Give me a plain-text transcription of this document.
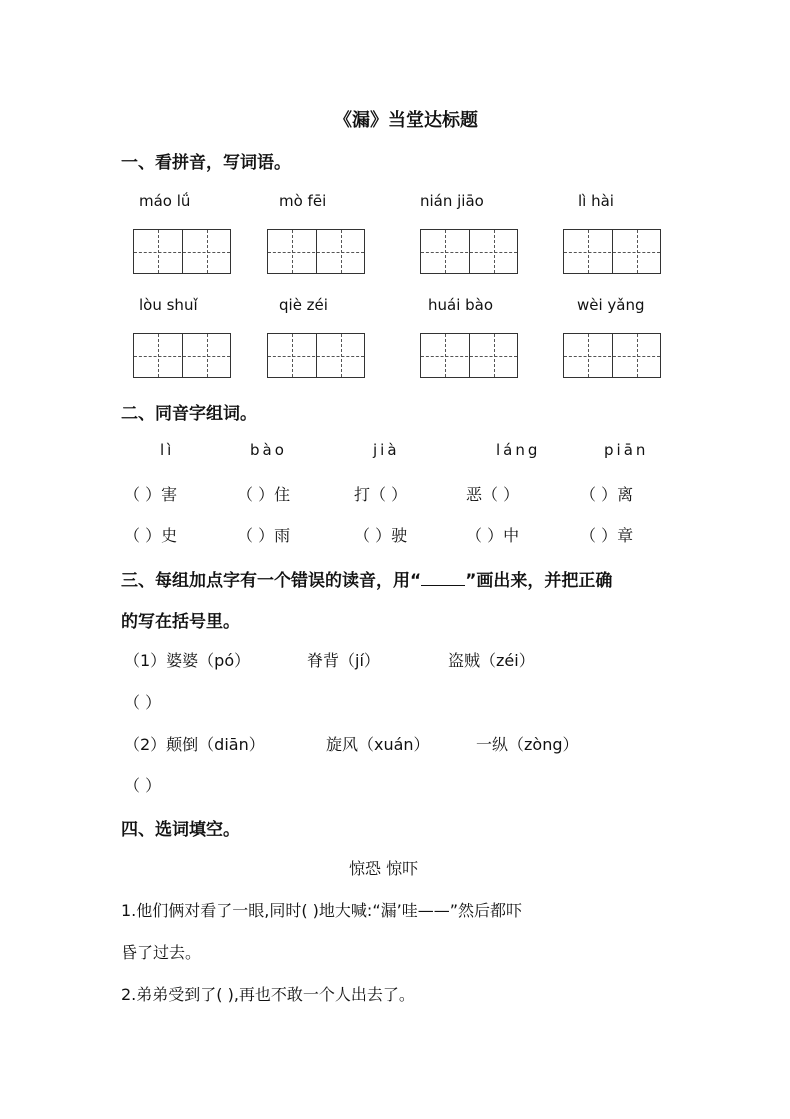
《漏》当堂达标题
一、看拼音，写词语。
máo lǘ	mò fēi	nián jiāo	lì hài
lòu shuǐ	qiè zéi	huái bào	wèi yǎng
二、同音字组词。
lì	bào	jià	láng	piān
（ ）害	（ ）住	打（ ）	恶（ ）	（ ）离
（ ）史	（ ）雨	（ ）驶	（ ）中	（ ）章
三、每组加点字有一个错误的读音，用“	”画出来，并把正确
的写在括号里。
（1）婆婆（pó）	脊背（jí）	盗贼（zéi）
（ ）
（2）颠倒（diān）	旋风（xuán）	一纵（zòng）
（ ）
四、选词填空。
惊恐 惊吓
1.他们俩对看了一眼,同时( )地大喊:“漏’哇——”然后都吓
昏了过去。
2.弟弟受到了( ),再也不敢一个人出去了。
